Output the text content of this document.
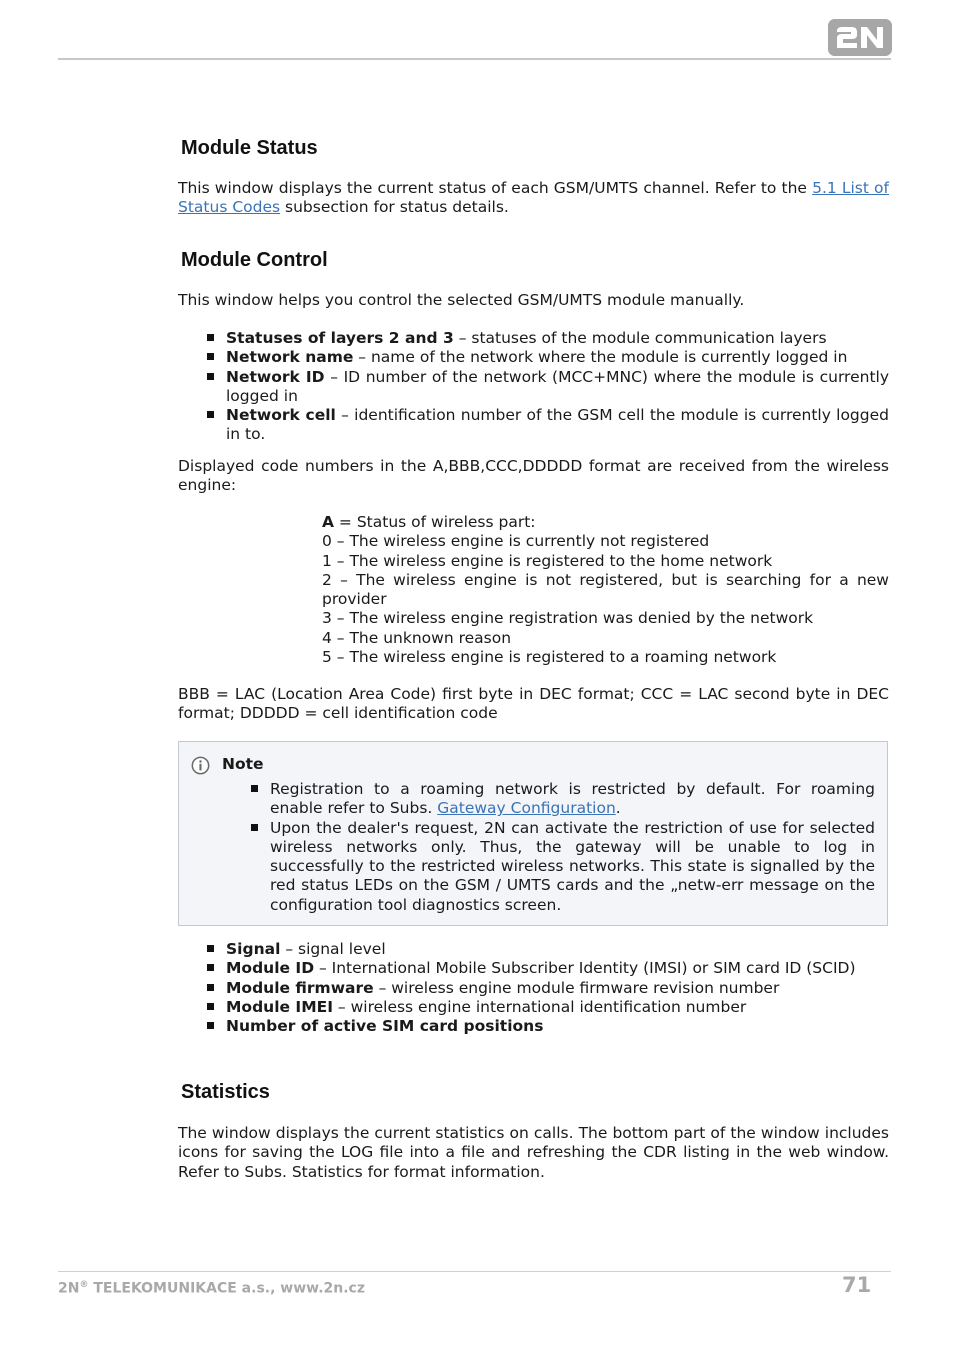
Module Status

This window displays the current status of each GSM/UMTS channel. Refer to the 5.1 List of Status Codes subsection for status details.

Module Control

This window helps you control the selected GSM/UMTS module manually.

Statuses of layers 2 and 3 – statuses of the module communication layers
Network name – name of the network where the module is currently logged in
Network ID – ID number of the network (MCC+MNC) where the module is currently logged in
Network cell – identification number of the GSM cell the module is currently logged in to.

Displayed code numbers in the A,BBB,CCC,DDDDD format are received from the wireless engine:

A = Status of wireless part:
0 – The wireless engine is currently not registered
1 – The wireless engine is registered to the home network
2 – The wireless engine is not registered, but is searching for a new provider
3 – The wireless engine registration was denied by the network
4 – The unknown reason
5 – The wireless engine is registered to a roaming network

BBB = LAC (Location Area Code) first byte in DEC format; CCC = LAC second byte in DEC format; DDDDD = cell identification code

Note
Registration to a roaming network is restricted by default. For roaming enable refer to Subs. Gateway Configuration.
Upon the dealer's request, 2N can activate the restriction of use for selected wireless networks only. Thus, the gateway will be unable to log in successfully to the restricted wireless networks. This state is signalled by the red status LEDs on the GSM / UMTS cards and the „netw-err message on the configuration tool diagnostics screen.
Signal – signal level
Module ID – International Mobile Subscriber Identity (IMSI) or SIM card ID (SCID)
Module firmware – wireless engine module firmware revision number
Module IMEI – wireless engine international identification number
Number of active SIM card positions
Statistics

The window displays the current statistics on calls. The bottom part of the window includes icons for saving the LOG file into a file and refreshing the CDR listing in the web window. Refer to Subs. Statistics for format information.

2N® TELEKOMUNIKACE a.s., www.2n.cz	71
